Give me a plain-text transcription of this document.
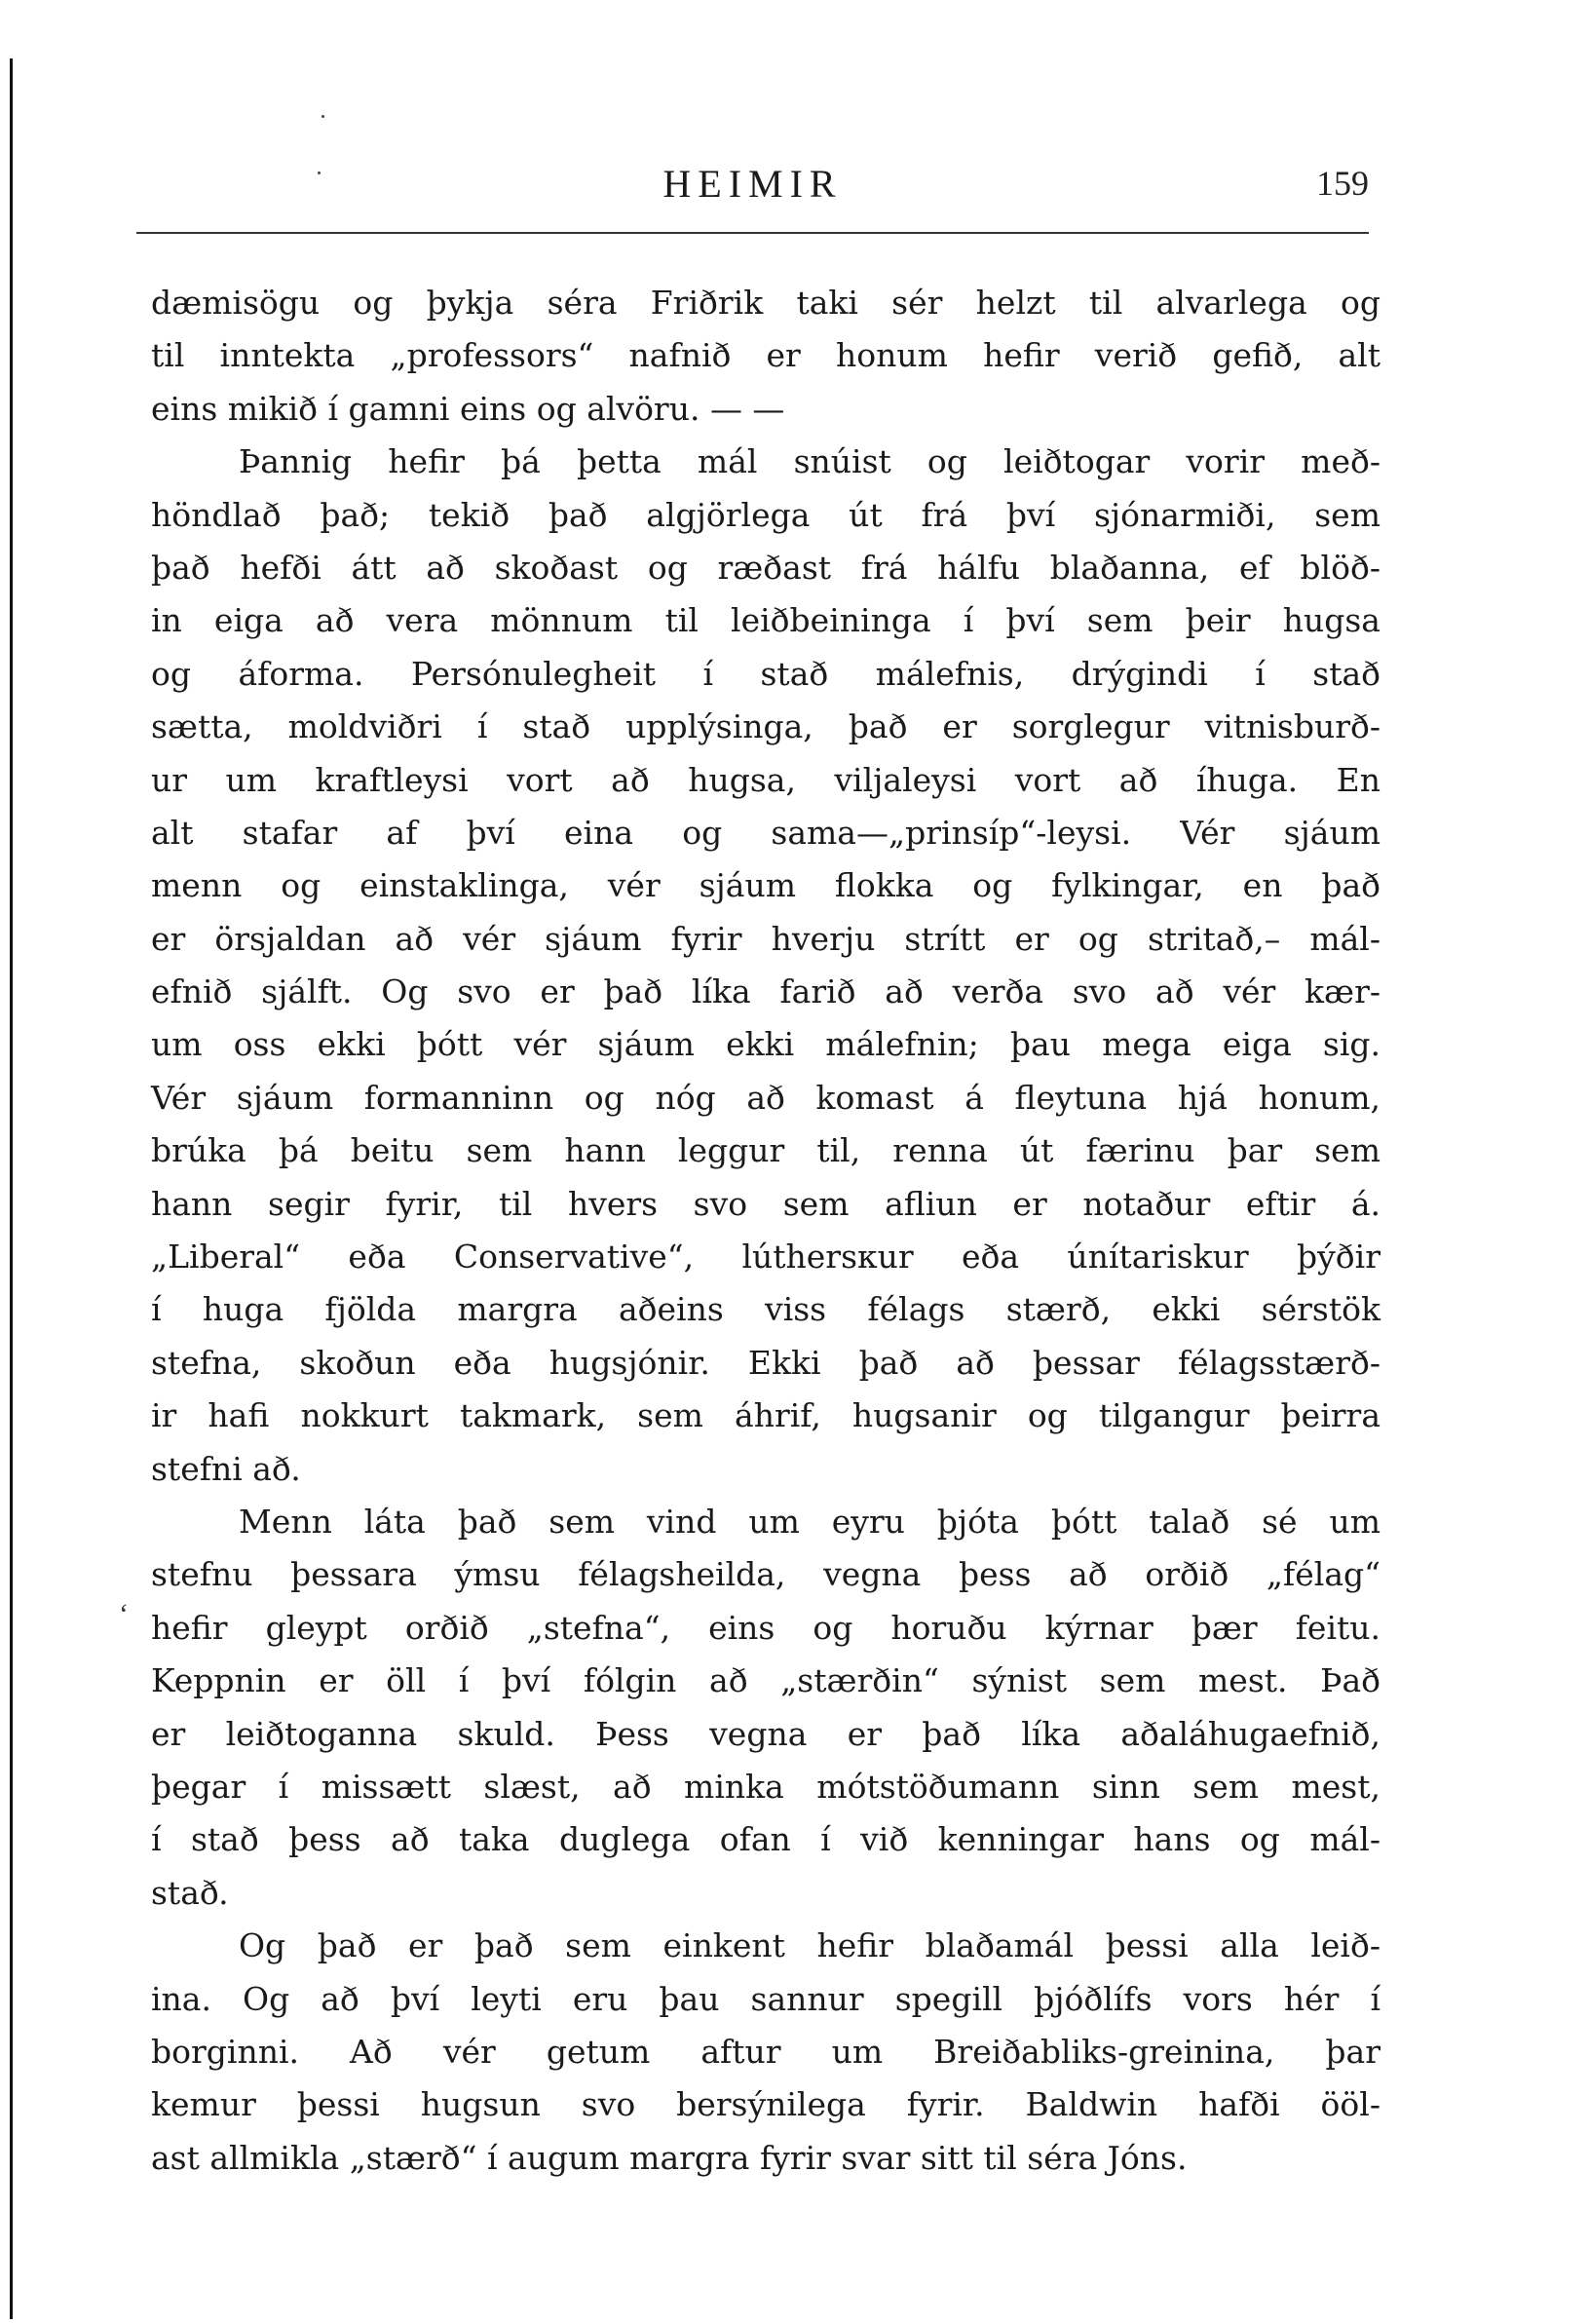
HEIMIR	159
‘
dæmisögu og þykja séra Friðrik taki sér helzt til alvarlega og
til inntekta „professors“ nafnið er honum hefir verið gefið, alt
eins mikið í gamni eins og alvöru. — —
Þannig hefir þá þetta mál snúist og leiðtogar vorir með-
höndlað það; tekið það algjörlega út frá því sjónarmiði, sem
það hefði átt að skoðast og ræðast frá hálfu blaðanna, ef blöð-
in eiga að vera mönnum til leiðbeininga í því sem þeir hugsa
og áforma. Persónulegheit í stað málefnis, drýgindi í stað
sætta, moldviðri í stað upplýsinga, það er sorglegur vitnisburð-
ur um kraftleysi vort að hugsa, viljaleysi vort að íhuga. En
alt stafar af því eina og sama—„prinsíp“-leysi. Vér sjáum
menn og einstaklinga, vér sjáum flokka og fylkingar, en það
er örsjaldan að vér sjáum fyrir hverju strítt er og stritað,– mál-
efnið sjálft. Og svo er það líka farið að verða svo að vér kær-
um oss ekki þótt vér sjáum ekki málefnin; þau mega eiga sig.
Vér sjáum formanninn og nóg að komast á fleytuna hjá honum,
brúka þá beitu sem hann leggur til, renna út færinu þar sem
hann segir fyrir, til hvers svo sem afliun er notaður eftir á.
„Liberal“ eða Conservative“, lúthersкur eða únítariskur þýðir
í huga fjölda margra aðeins viss félags stærð, ekki sérstök
stefna, skoðun eða hugsjónir. Ekki það að þessar félagsstærð-
ir hafi nokkurt takmark, sem áhrif, hugsanir og tilgangur þeirra
stefni að.
Menn láta það sem vind um eyru þjóta þótt talað sé um
stefnu þessara ýmsu félagsheilda, vegna þess að orðið „félag“
hefir gleypt orðið „stefna“, eins og horuðu kýrnar þær feitu.
Keppnin er öll í því fólgin að „stærðin“ sýnist sem mest. Það
er leiðtoganna skuld. Þess vegna er það líka aðaláhugaefnið,
þegar í missætt slæst, að minka mótstöðumann sinn sem mest,
í stað þess að taka duglega ofan í við kenningar hans og mál-
stað.
Og það er það sem einkent hefir blaðamál þessi alla leið-
ina. Og að því leyti eru þau sannur spegill þjóðlífs vors hér í
borginni. Að vér getum aftur um Breiðabliks-greinina, þar
kemur þessi hugsun svo bersýnilega fyrir. Baldwin hafði ööl-
ast allmikla „stærð“ í augum margra fyrir svar sitt til séra Jóns.
